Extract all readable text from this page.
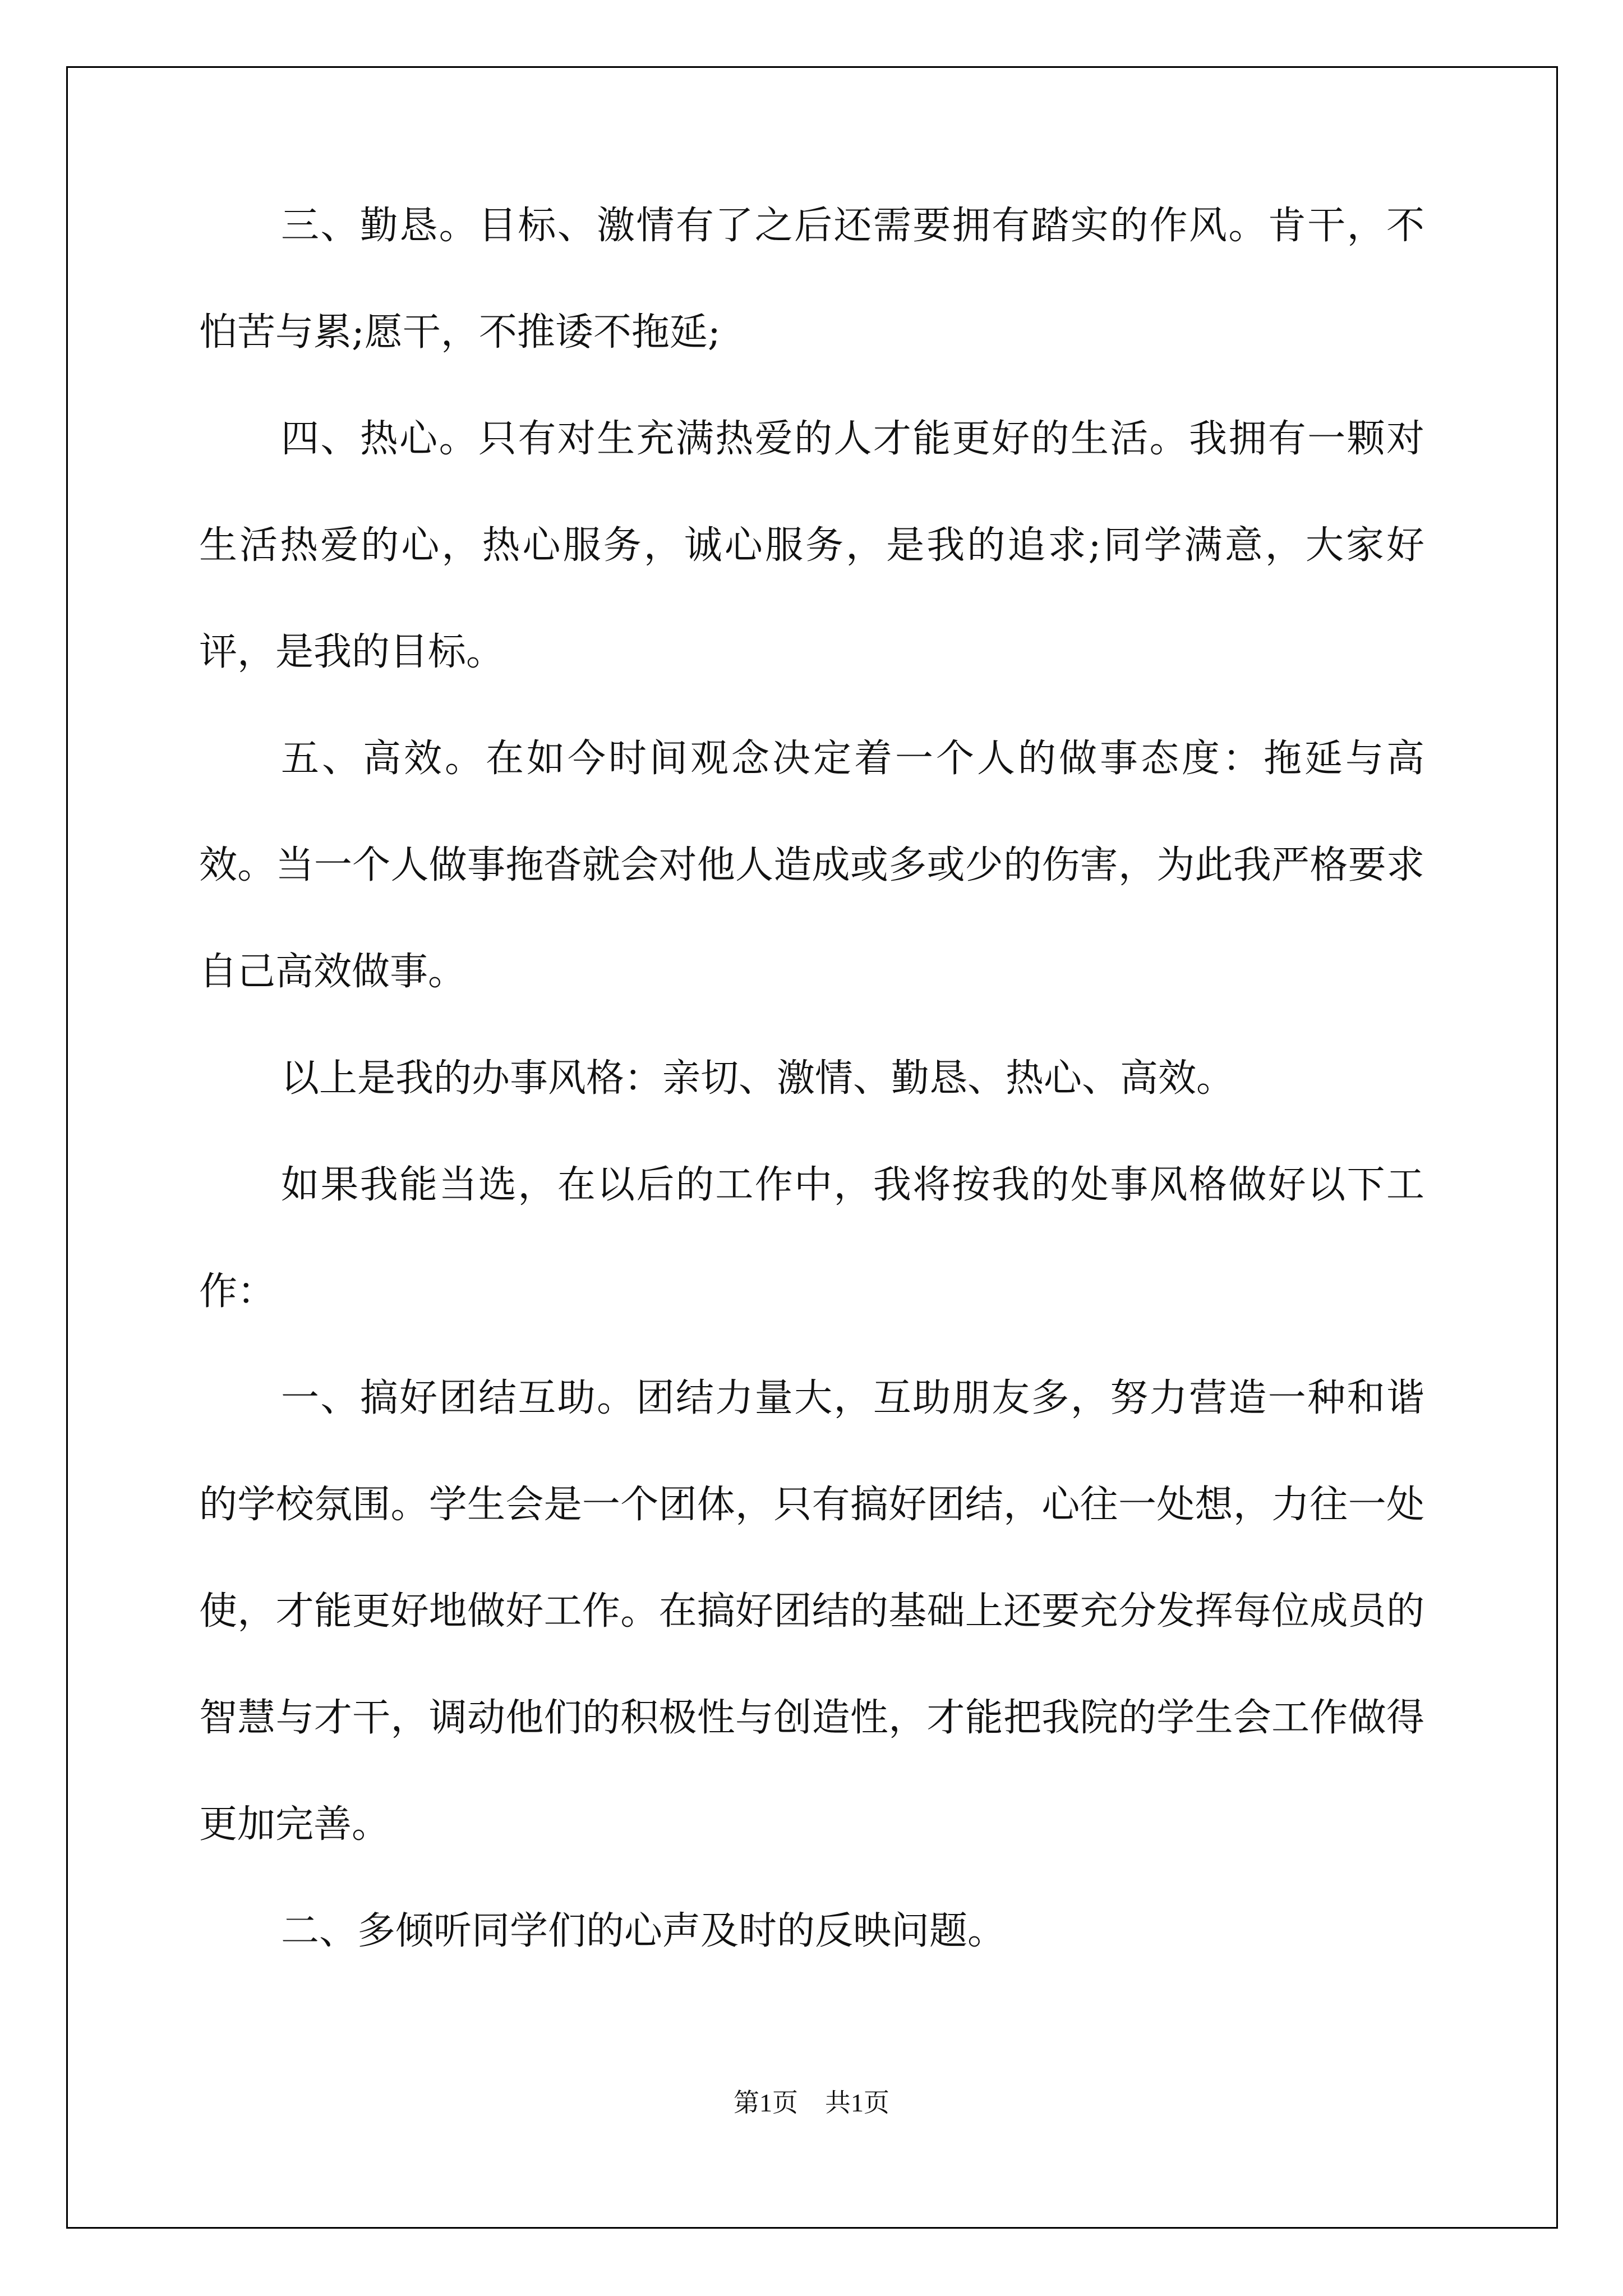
三、勤恳。目标、激情有了之后还需要拥有踏实的作风。肯干，不怕苦与累;愿干，不推诿不拖延;

四、热心。只有对生充满热爱的人才能更好的生活。我拥有一颗对生活热爱的心，热心服务，诚心服务，是我的追求;同学满意，大家好评，是我的目标。

五、高效。在如今时间观念决定着一个人的做事态度：拖延与高效。当一个人做事拖沓就会对他人造成或多或少的伤害，为此我严格要求自己高效做事。

以上是我的办事风格：亲切、激情、勤恳、热心、高效。

如果我能当选，在以后的工作中，我将按我的处事风格做好以下工作：

一、搞好团结互助。团结力量大，互助朋友多，努力营造一种和谐的学校氛围。学生会是一个团体，只有搞好团结，心往一处想，力往一处使，才能更好地做好工作。在搞好团结的基础上还要充分发挥每位成员的智慧与才干，调动他们的积极性与创造性，才能把我院的学生会工作做得更加完善。

二、多倾听同学们的心声及时的反映问题。

第1页 共1页
